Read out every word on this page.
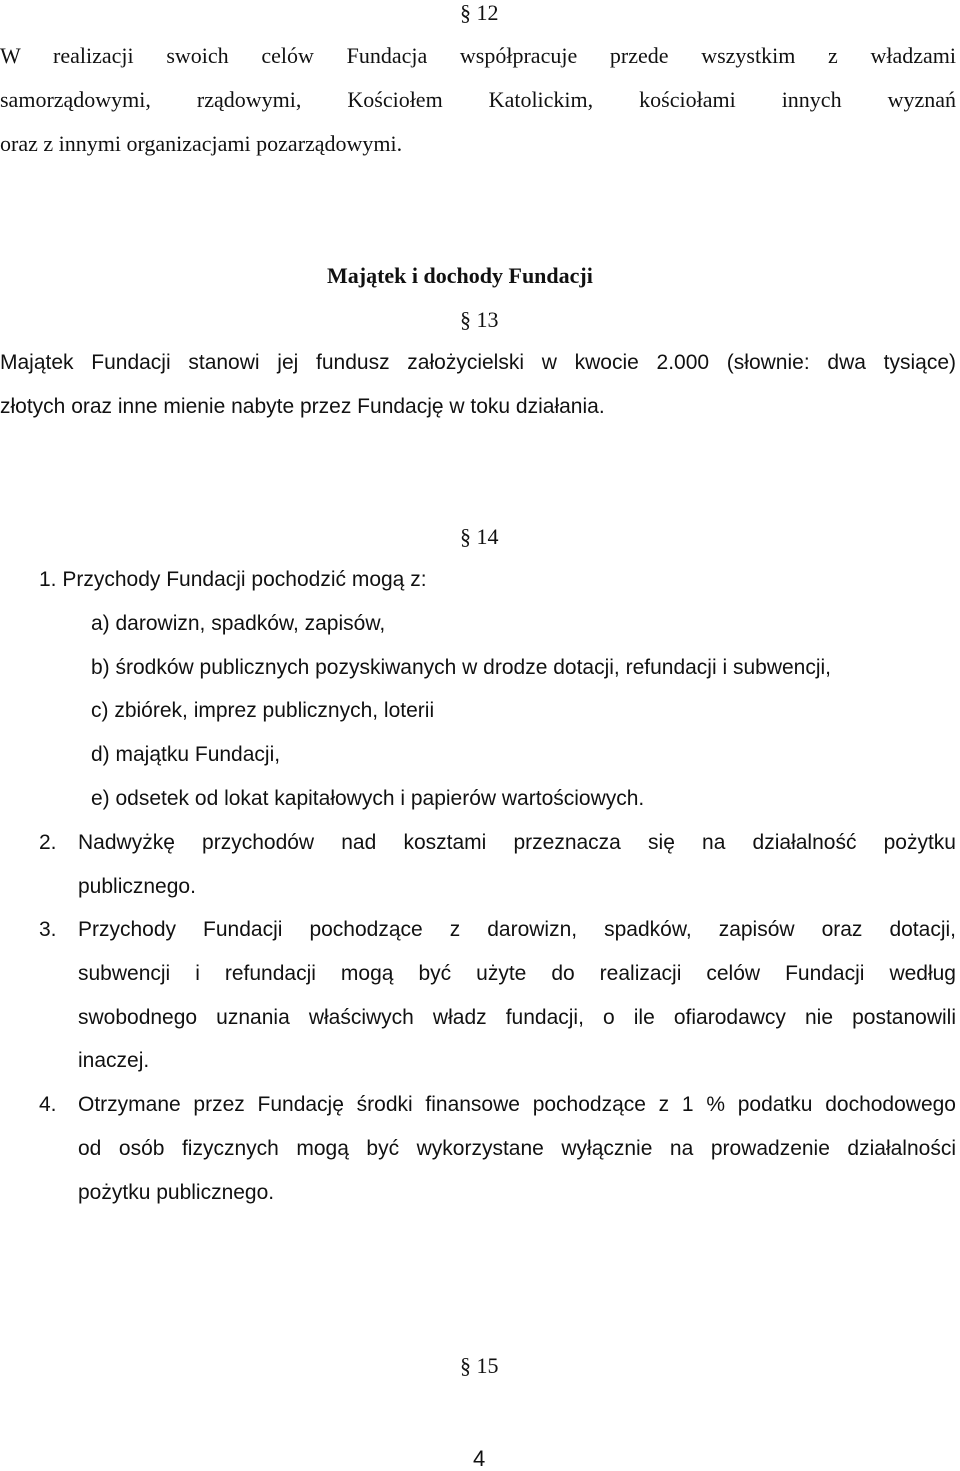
§ 12
W realizacji swoich celów Fundacja współpracuje przede wszystkim z władzami
samorządowymi, rządowymi, Kościołem Katolickim, kościołami innych wyznań
oraz z innymi organizacjami pozarządowymi.
Majątek i dochody Fundacji
§ 13
Majątek Fundacji stanowi jej fundusz założycielski w kwocie 2.000 (słownie: dwa tysiące)
złotych oraz inne mienie nabyte przez Fundację w toku działania.
§ 14
1. Przychody Fundacji pochodzić mogą z:
a) darowizn, spadków, zapisów,
b) środków publicznych pozyskiwanych w drodze dotacji, refundacji i subwencji,
c) zbiórek, imprez publicznych, loterii
d) majątku Fundacji,
e) odsetek od lokat kapitałowych i papierów wartościowych.
2. Nadwyżkę przychodów nad kosztami przeznacza się na działalność pożytku
publicznego.
3. Przychody Fundacji pochodzące z darowizn, spadków, zapisów oraz dotacji,
subwencji i refundacji mogą być użyte do realizacji celów Fundacji według
swobodnego uznania właściwych władz fundacji, o ile ofiarodawcy nie postanowili
inaczej.
4. Otrzymane przez Fundację środki finansowe pochodzące z 1 % podatku dochodowego
od osób fizycznych mogą być wykorzystane wyłącznie na prowadzenie działalności
pożytku publicznego.
§ 15
4
